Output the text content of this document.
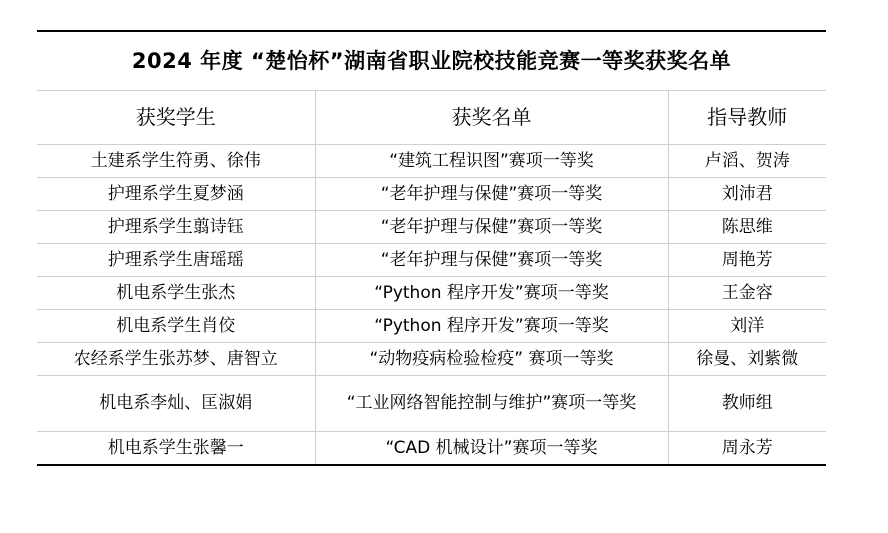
2024 年度 “楚怡杯”湖南省职业院校技能竞赛一等奖获奖名单		
获奖学生	获奖名单	指导教师
土建系学生符勇、徐伟	“建筑工程识图”赛项一等奖	卢滔、贺涛
护理系学生夏梦涵	“老年护理与保健”赛项一等奖	刘沛君
护理系学生翦诗钰	“老年护理与保健”赛项一等奖	陈思维
护理系学生唐瑶瑶	“老年护理与保健”赛项一等奖	周艳芳
机电系学生张杰	“Python 程序开发”赛项一等奖	王金容
机电系学生肖佼	“Python 程序开发”赛项一等奖	刘洋
农经系学生张苏梦、唐智立	“动物疫病检验检疫” 赛项一等奖	徐曼、刘紫微
机电系李灿、匡淑娟	“工业网络智能控制与维护”赛项一等奖	教师组
机电系学生张馨一	“CAD 机械设计”赛项一等奖	周永芳
